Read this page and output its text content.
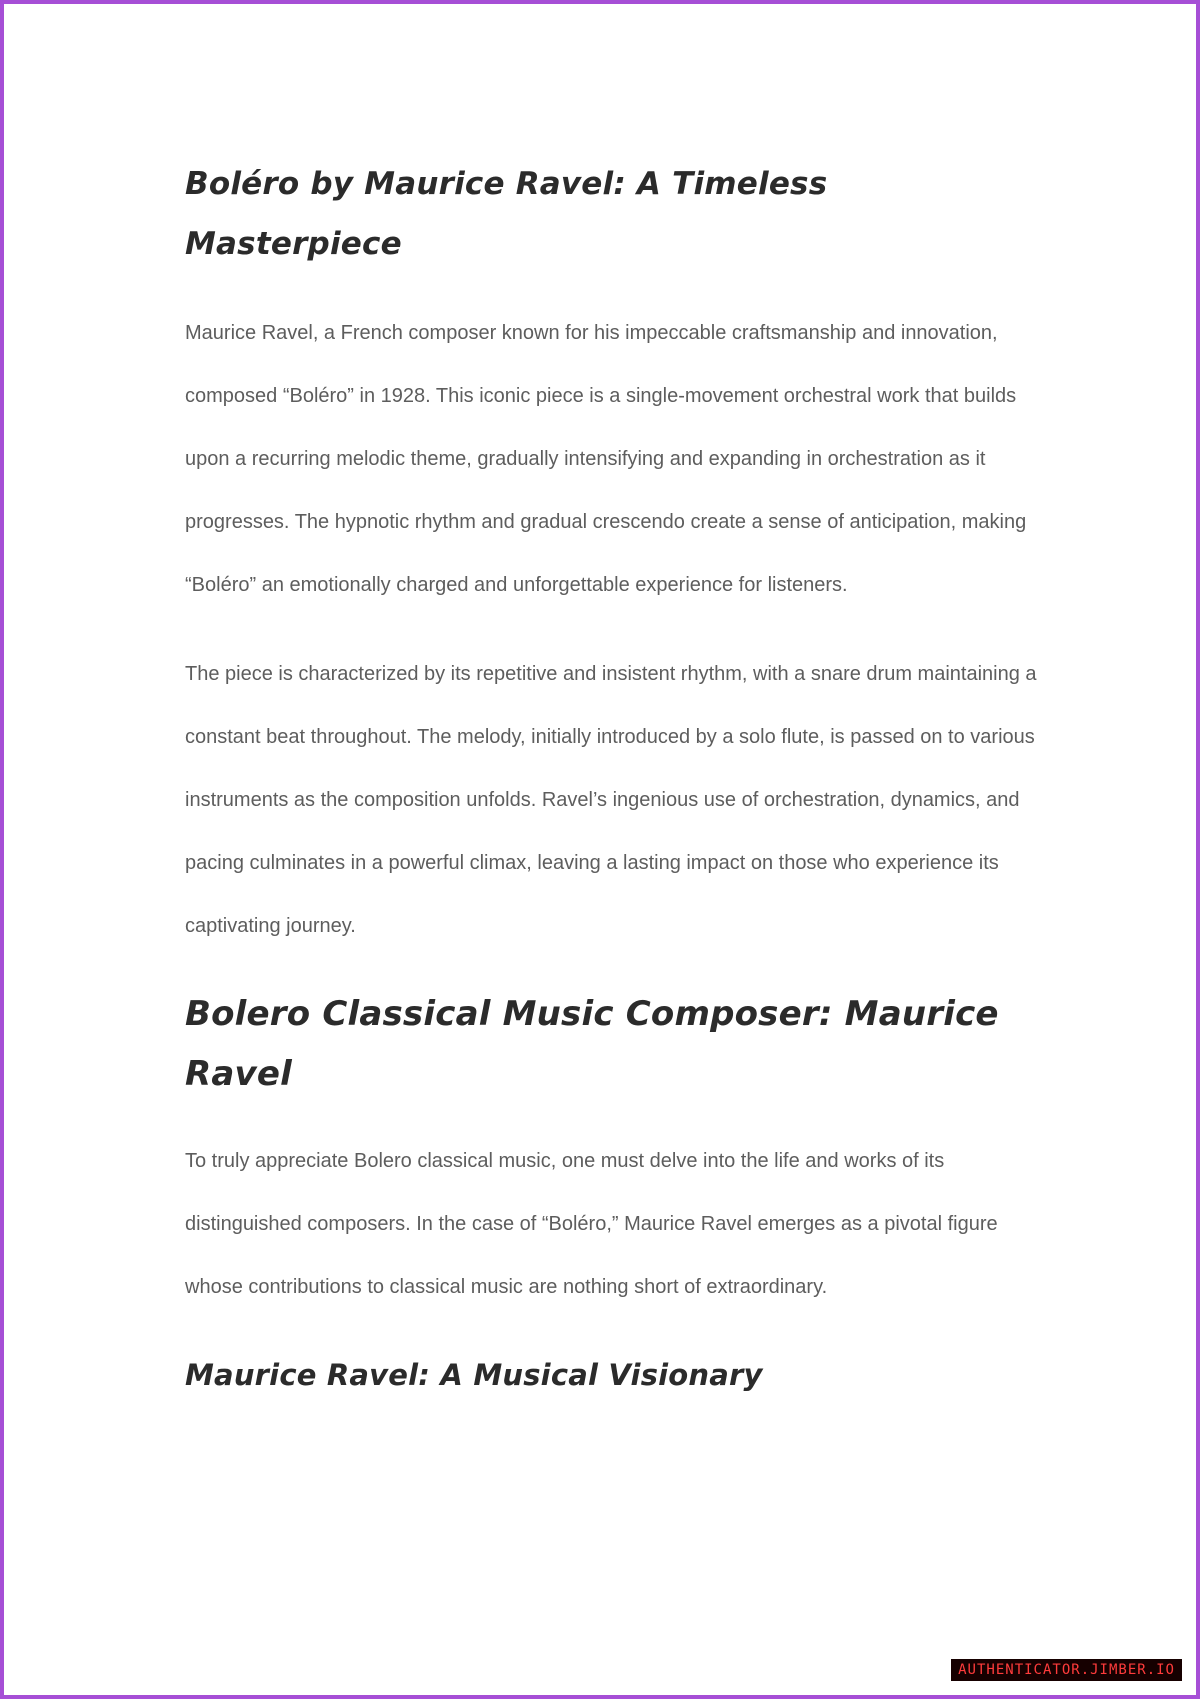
Boléro by Maurice Ravel: A Timeless Masterpiece

Maurice Ravel, a French composer known for his impeccable craftsmanship and innovation, composed “Boléro” in 1928. This iconic piece is a single-movement orchestral work that builds upon a recurring melodic theme, gradually intensifying and expanding in orchestration as it progresses. The hypnotic rhythm and gradual crescendo create a sense of anticipation, making “Boléro” an emotionally charged and unforgettable experience for listeners.

The piece is characterized by its repetitive and insistent rhythm, with a snare drum maintaining a constant beat throughout. The melody, initially introduced by a solo flute, is passed on to various instruments as the composition unfolds. Ravel’s ingenious use of orchestration, dynamics, and pacing culminates in a powerful climax, leaving a lasting impact on those who experience its captivating journey.

Bolero Classical Music Composer: Maurice Ravel

To truly appreciate Bolero classical music, one must delve into the life and works of its distinguished composers. In the case of “Boléro,” Maurice Ravel emerges as a pivotal figure whose contributions to classical music are nothing short of extraordinary.

Maurice Ravel: A Musical Visionary
AUTHENTICATOR.JIMBER.IO
